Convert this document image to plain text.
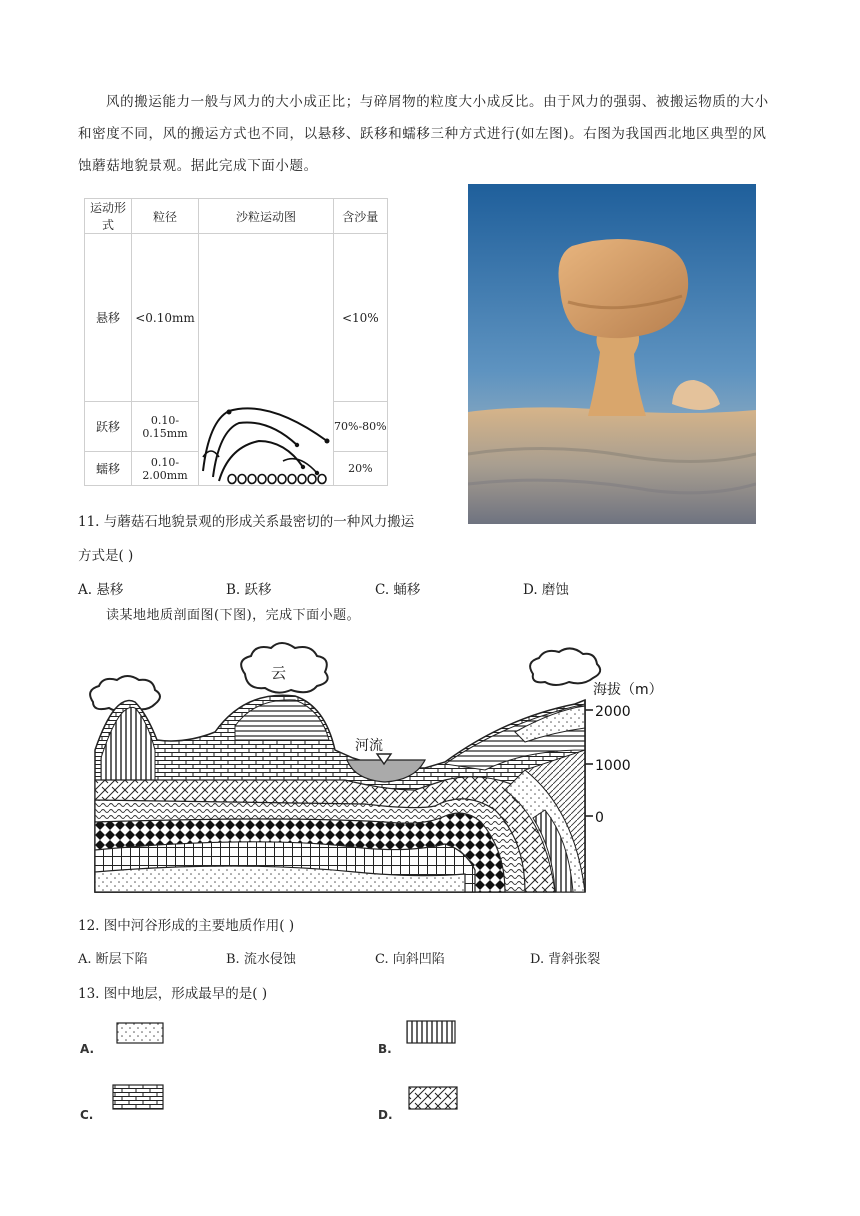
风的搬运能力一般与风力的大小成正比；与碎屑物的粒度大小成反比。由于风力的强弱、被搬运物质的大小和密度不同，风的搬运方式也不同，以悬移、跃移和蠕移三种方式进行(如左图)。右图为我国西北地区典型的风蚀蘑菇地貌景观。据此完成下面小题。
运动形式	粒径	沙粒运动图	含沙量
悬移	<0.10mm		<10%
跃移	0.10-0.15mm		70%-80%
蠕移	0.10-2.00mm		20%
11. 与蘑菇石地貌景观的形成关系最密切的一种风力搬运
方式是( )
A. 悬移	B. 跃移	C. 蛹移	D. 磨蚀
读某地地质剖面图(下图)，完成下面小题。
云
河流
海拔（m）
2000
1000
0
12. 图中河谷形成的主要地质作用( )
A. 断层下陷	B. 流水侵蚀	C. 向斜凹陷	D. 背斜张裂
13. 图中地层，形成最早的是( )
A.	B.
C.	D.
